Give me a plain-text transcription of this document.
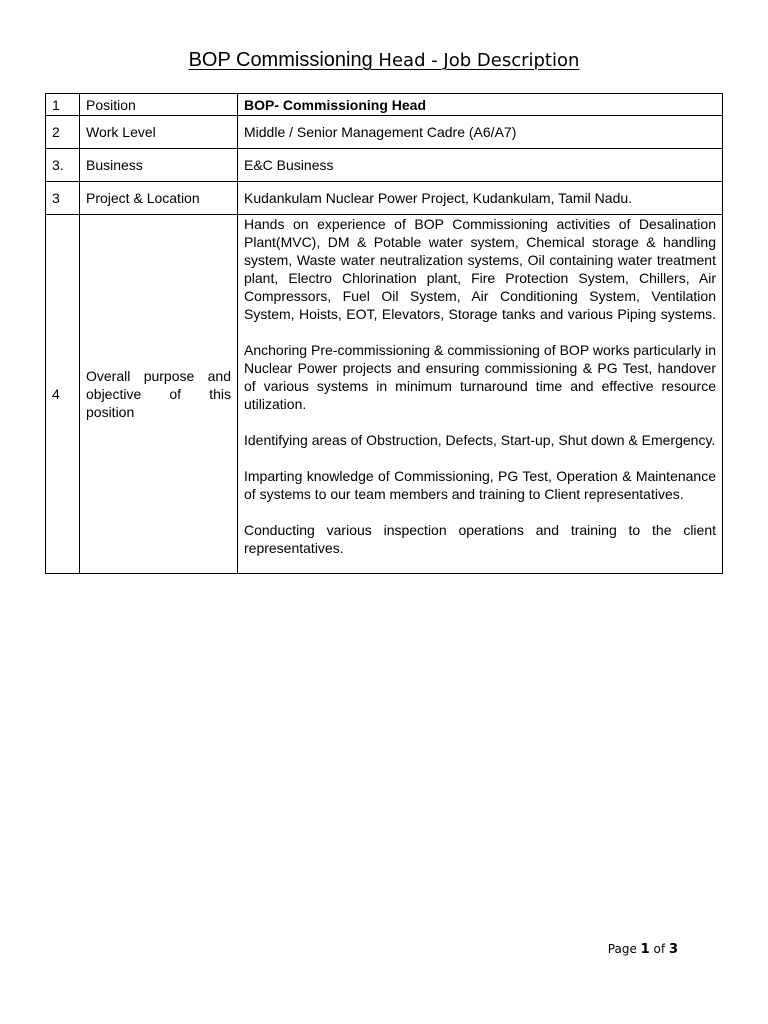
BOP Commissioning Head - Job Description
1	Position	BOP- Commissioning Head
2	Work Level	Middle / Senior Management Cadre (A6/A7)
3.	Business	E&C Business
3	Project & Location	Kudankulam Nuclear Power Project, Kudankulam, Tamil Nadu.
4	Overall purpose and objective of this position	Hands on experience of BOP Commissioning activities of Desalination Plant(MVC), DM & Potable water system, Chemical storage & handling system, Waste water neutralization systems, Oil containing water treatment plant, Electro Chlorination plant, Fire Protection System, Chillers, Air Compressors, Fuel Oil System, Air Conditioning System, Ventilation System, Hoists, EOT, Elevators, Storage tanks and various Piping systems.

Anchoring Pre-commissioning & commissioning of BOP works particularly in Nuclear Power projects and ensuring commissioning & PG Test, handover of various systems in minimum turnaround time and effective resource utilization.

Identifying areas of Obstruction, Defects, Start-up, Shut down & Emergency.

Imparting knowledge of Commissioning, PG Test, Operation & Maintenance of systems to our team members and training to Client representatives.

Conducting various inspection operations and training to the client representatives.

Page 1 of 3
